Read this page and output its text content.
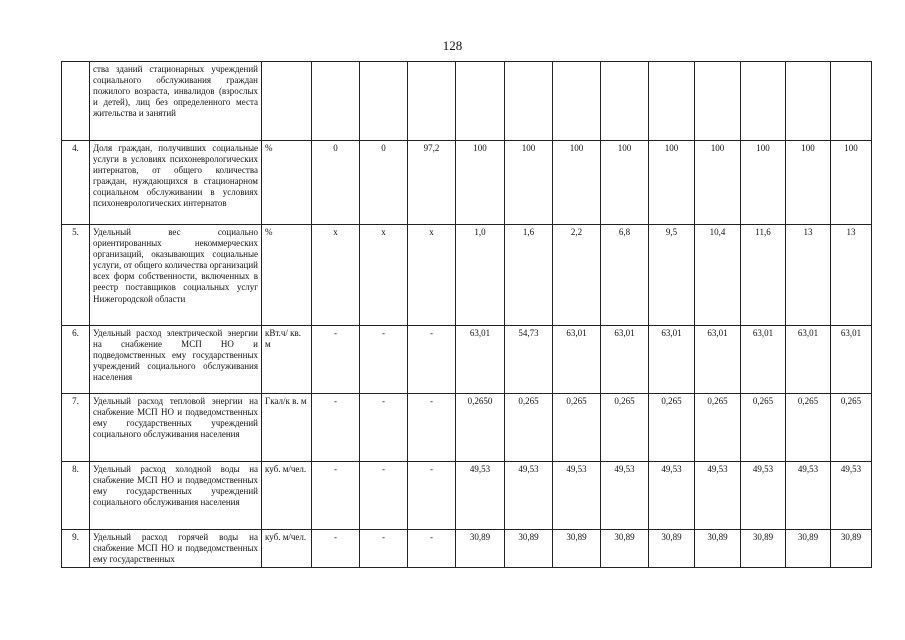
128
	ства зданий стационарных учреждений социального обслуживания граждан пожилого возраста, инвалидов (взрослых и детей), лиц без определенного места жительства и занятий													
4.	Доля граждан, получивших социальные услуги в условиях психоневрологических интернатов, от общего количества граждан, нуждающихся в стационарном социальном обслуживании в условиях психоневрологических интернатов	%	0	0	97,2	100	100	100	100	100	100	100	100	100
5.	Удельный вес социально ориентированных некоммерческих организаций, оказывающих социальные услуги, от общего количества организаций всех форм собственности, включенных в реестр поставщиков социальных услуг Нижегородской области	%	х	х	х	1,0	1,6	2,2	6,8	9,5	10,4	11,6	13	13
6.	Удельный расход электрической энергии на снабжение МСП НО и подведомственных ему государственных учреждений социального обслуживания населения	кВт.ч/ кв. м	-	-	-	63,01	54,73	63,01	63,01	63,01	63,01	63,01	63,01	63,01
7.	Удельный расход тепловой энергии на снабжение МСП НО и подведомственных ему государственных учреждений социального обслуживания населения	Гкал/к в. м	-	-	-	0,2650	0,265	0,265	0,265	0,265	0,265	0,265	0,265	0,265
8.	Удельный расход холодной воды на снабжение МСП НО и подведомственных ему государственных учреждений социального обслуживания населения	куб. м/чел.	-	-	-	49,53	49,53	49,53	49,53	49,53	49,53	49,53	49,53	49,53
9.	Удельный расход горячей воды на снабжение МСП НО и подведомственных ему государственных	куб. м/чел.	-	-	-	30,89	30,89	30,89	30,89	30,89	30,89	30,89	30,89	30,89
